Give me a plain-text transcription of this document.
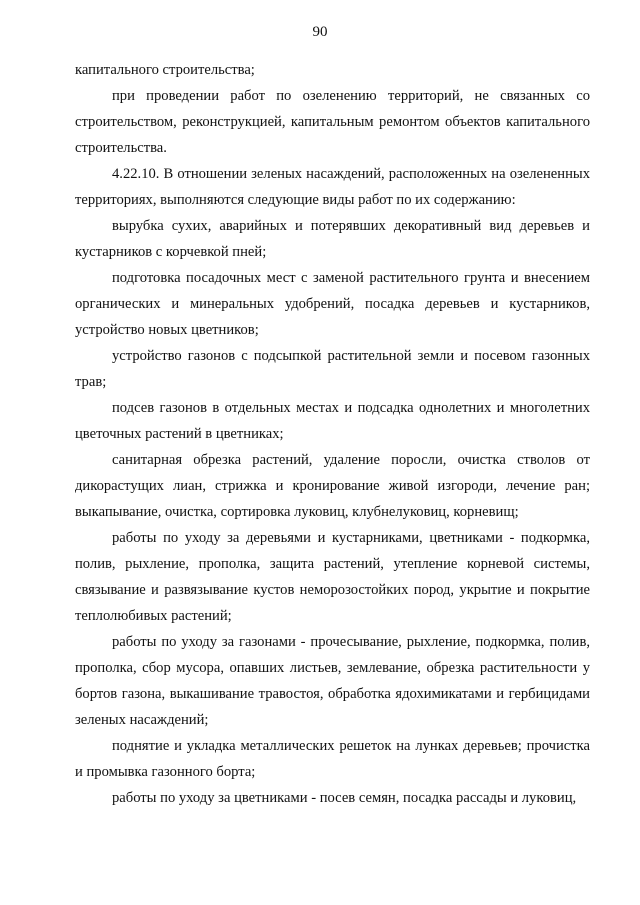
90

капитального строительства;

при проведении работ по озеленению территорий, не связанных со строительством, реконструкцией, капитальным ремонтом объектов капитального строительства.

4.22.10. В отношении зеленых насаждений, расположенных на озелененных территориях, выполняются следующие виды работ по их содержанию:

вырубка сухих, аварийных и потерявших декоративный вид деревьев и кустарников с корчевкой пней;

подготовка посадочных мест с заменой растительного грунта и внесением органических и минеральных удобрений, посадка деревьев и кустарников, устройство новых цветников;

устройство газонов с подсыпкой растительной земли и посевом газонных трав;

подсев газонов в отдельных местах и подсадка однолетних и многолетних цветочных растений в цветниках;

санитарная обрезка растений, удаление поросли, очистка стволов от дикорастущих лиан, стрижка и кронирование живой изгороди, лечение ран; выкапывание, очистка, сортировка луковиц, клубнелуковиц, корневищ;

работы по уходу за деревьями и кустарниками, цветниками - подкормка, полив, рыхление, прополка, защита растений, утепление корневой системы, связывание и развязывание кустов неморозостойких пород, укрытие и покрытие теплолюбивых растений;

работы по уходу за газонами - прочесывание, рыхление, подкормка, полив, прополка, сбор мусора, опавших листьев, землевание, обрезка растительности у бортов газона, выкашивание травостоя, обработка ядохимикатами и гербицидами зеленых насаждений;

поднятие и укладка металлических решеток на лунках деревьев; прочистка и промывка газонного борта;

работы по уходу за цветниками - посев семян, посадка рассады и луковиц,
